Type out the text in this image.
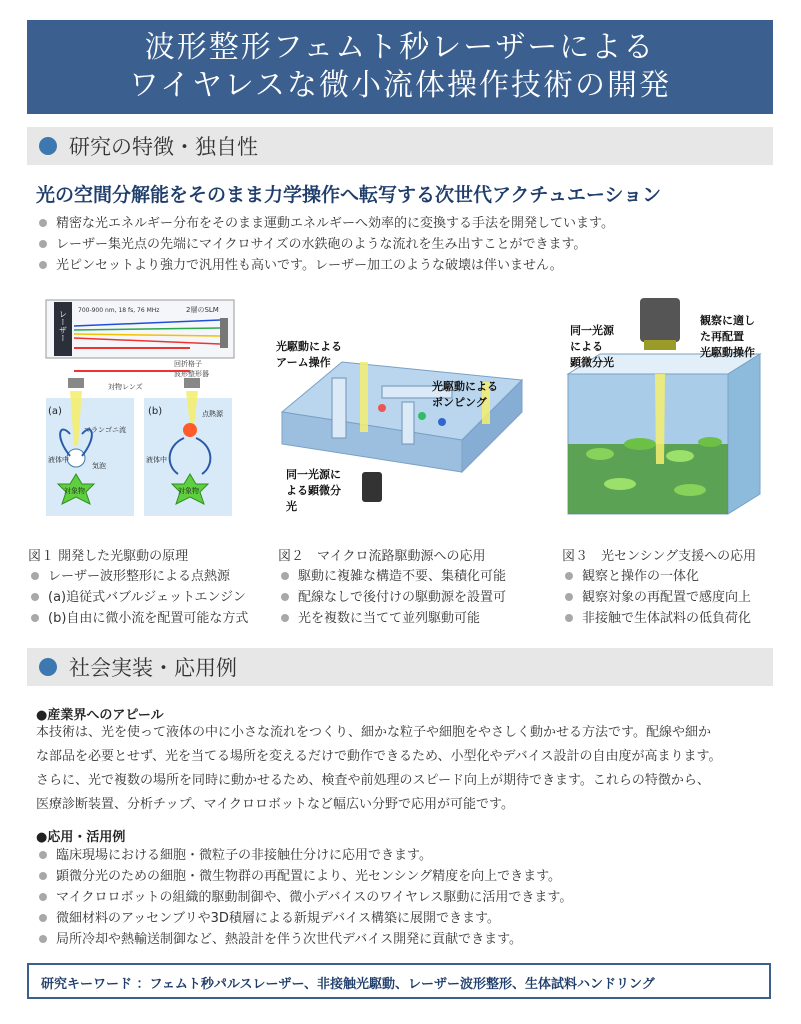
波形整形フェムト秒レーザーによる
ワイヤレスな微小流体操作技術の開発
研究の特徴・独自性
光の空間分解能をそのまま力学操作へ転写する次世代アクチュエーション
精密な光エネルギー分布をそのまま運動エネルギーへ効率的に変換する手法を開発しています。
レーザー集光点の先端にマイクロサイズの水鉄砲のような流れを生み出すことができます。
光ピンセットより強力で汎用性も高いです。レーザー加工のような破壊は伴いません。
レーザー 700-900 nm, 18 fs, 76 MHz	2層のSLM
回折格子
波形整形器
対物レンズ
(a)	(b)
マランゴニ流
点熱源
液体中	液体中
気泡
対象物	対象物
光駆動による
アーム操作
光駆動による
ポンピング
同一光源に
よる顕微分
光
同一光源
による
顕微分光
観察に適し
た再配置
光駆動操作
図１ 開発した光駆動の原理	図２　マイクロ流路駆動源への応用	図３　光センシング支援への応用
レーザー波形整形による点熱源
(a)追従式バブルジェットエンジン
(b)自由に微小流を配置可能な方式
駆動に複雑な構造不要、集積化可能
配線なしで後付けの駆動源を設置可
光を複数に当てて並列駆動可能
観察と操作の一体化
観察対象の再配置で感度向上
非接触で生体試料の低負荷化
社会実装・応用例
●産業界へのアピール
本技術は、光を使って液体の中に小さな流れをつくり、細かな粒子や細胞をやさしく動かせる方法です。配線や細か
な部品を必要とせず、光を当てる場所を変えるだけで動作できるため、小型化やデバイス設計の自由度が高まります。
さらに、光で複数の場所を同時に動かせるため、検査や前処理のスピード向上が期待できます。これらの特徴から、
医療診断装置、分析チップ、マイクロロボットなど幅広い分野で応用が可能です。
●応用・活用例
臨床現場における細胞・微粒子の非接触仕分けに応用できます。
顕微分光のための細胞・微生物群の再配置により、光センシング精度を向上できます。
マイクロロボットの組織的駆動制御や、微小デバイスのワイヤレス駆動に活用できます。
微細材料のアッセンブリや3D積層による新規デバイス構築に展開できます。
局所冷却や熱輸送制御など、熱設計を伴う次世代デバイス開発に貢献できます。
研究キーワード ：フェムト秒パルスレーザー、非接触光駆動、レーザー波形整形、生体試料ハンドリング
